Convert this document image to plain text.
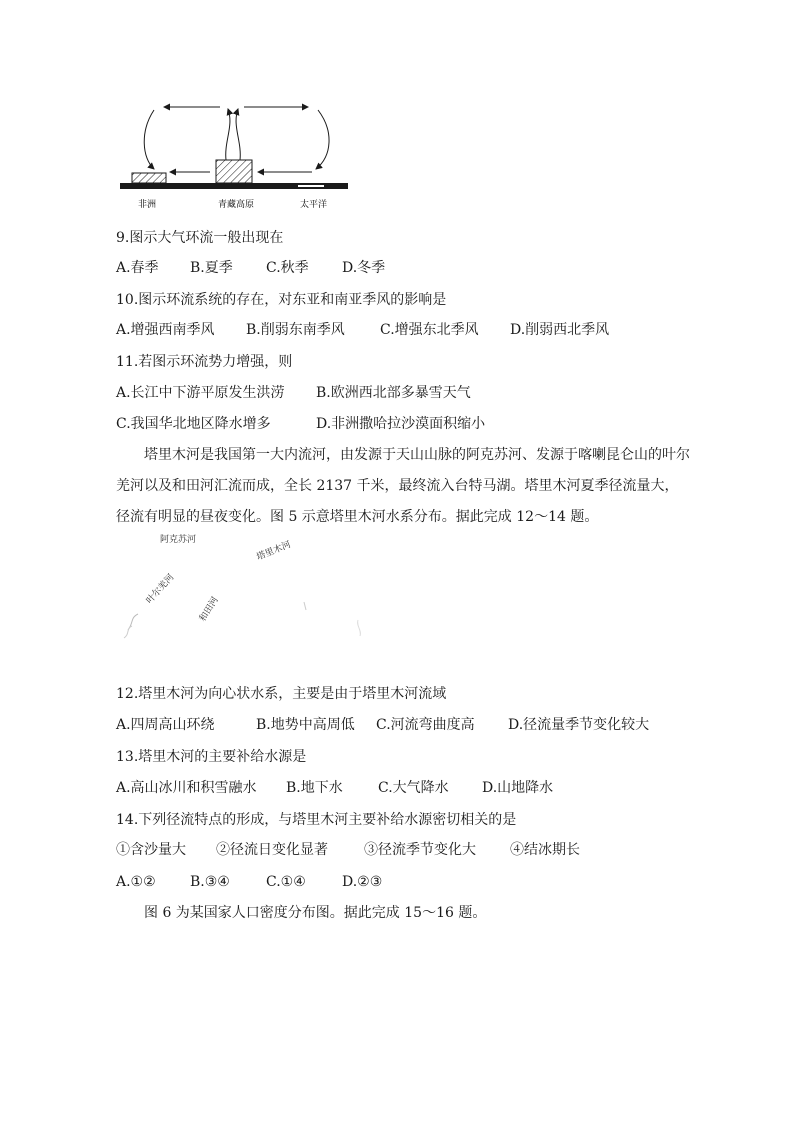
非洲	青藏高原	太平洋
9.图示大气环流一般出现在
A.春季 B.夏季 C.秋季 D.冬季
10.图示环流系统的存在，对东亚和南亚季风的影响是
A.增强西南季风 B.削弱东南季风	C.增强东北季风 D.削弱西北季风
11.若图示环流势力增强，则
A.长江中下游平原发生洪涝 B.欧洲西北部多暴雪天气
C.我国华北地区降水增多	D.非洲撒哈拉沙漠面积缩小
塔里木河是我国第一大内流河，由发源于天山山脉的阿克苏河、发源于喀喇昆仑山的叶尔羌河以及和田河汇流而成，全长 2137 千米，最终流入台特马湖。塔里木河夏季径流量大，径流有明显的昼夜变化。图 5 示意塔里木河水系分布。据此完成 12～14 题。
阿克苏河
塔里木河
叶尔羌河
和田河
12.塔里木河为向心状水系，主要是由于塔里木河流域
A.四周高山环绕	B.地势中高周低 C.河流弯曲度高 D.径流量季节变化较大
13.塔里木河的主要补给水源是
A.高山冰川和积雪融水 B.地下水	C.大气降水 D.山地降水
14.下列径流特点的形成，与塔里木河主要补给水源密切相关的是
①含沙量大 ②径流日变化显著	③径流季节变化大 ④结冰期长
A.①② B.③④	C.①④	D.②③
图 6 为某国家人口密度分布图。据此完成 15～16 题。
